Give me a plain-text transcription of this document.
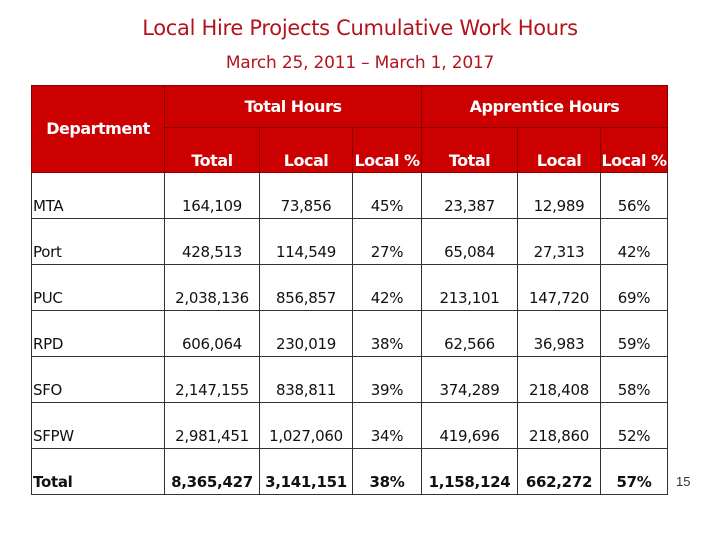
Local Hire Projects Cumulative Work Hours
March 25, 2011 – March 1, 2017
Department	Total Hours			Apprentice Hours		
	Total	Local	Local %	Total	Local	Local %
MTA	164,109	73,856	45%	23,387	12,989	56%
Port	428,513	114,549	27%	65,084	27,313	42%
PUC	2,038,136	856,857	42%	213,101	147,720	69%
RPD	606,064	230,019	38%	62,566	36,983	59%
SFO	2,147,155	838,811	39%	374,289	218,408	58%
SFPW	2,981,451	1,027,060	34%	419,696	218,860	52%
Total	8,365,427	3,141,151	38%	1,158,124	662,272	57% 15
